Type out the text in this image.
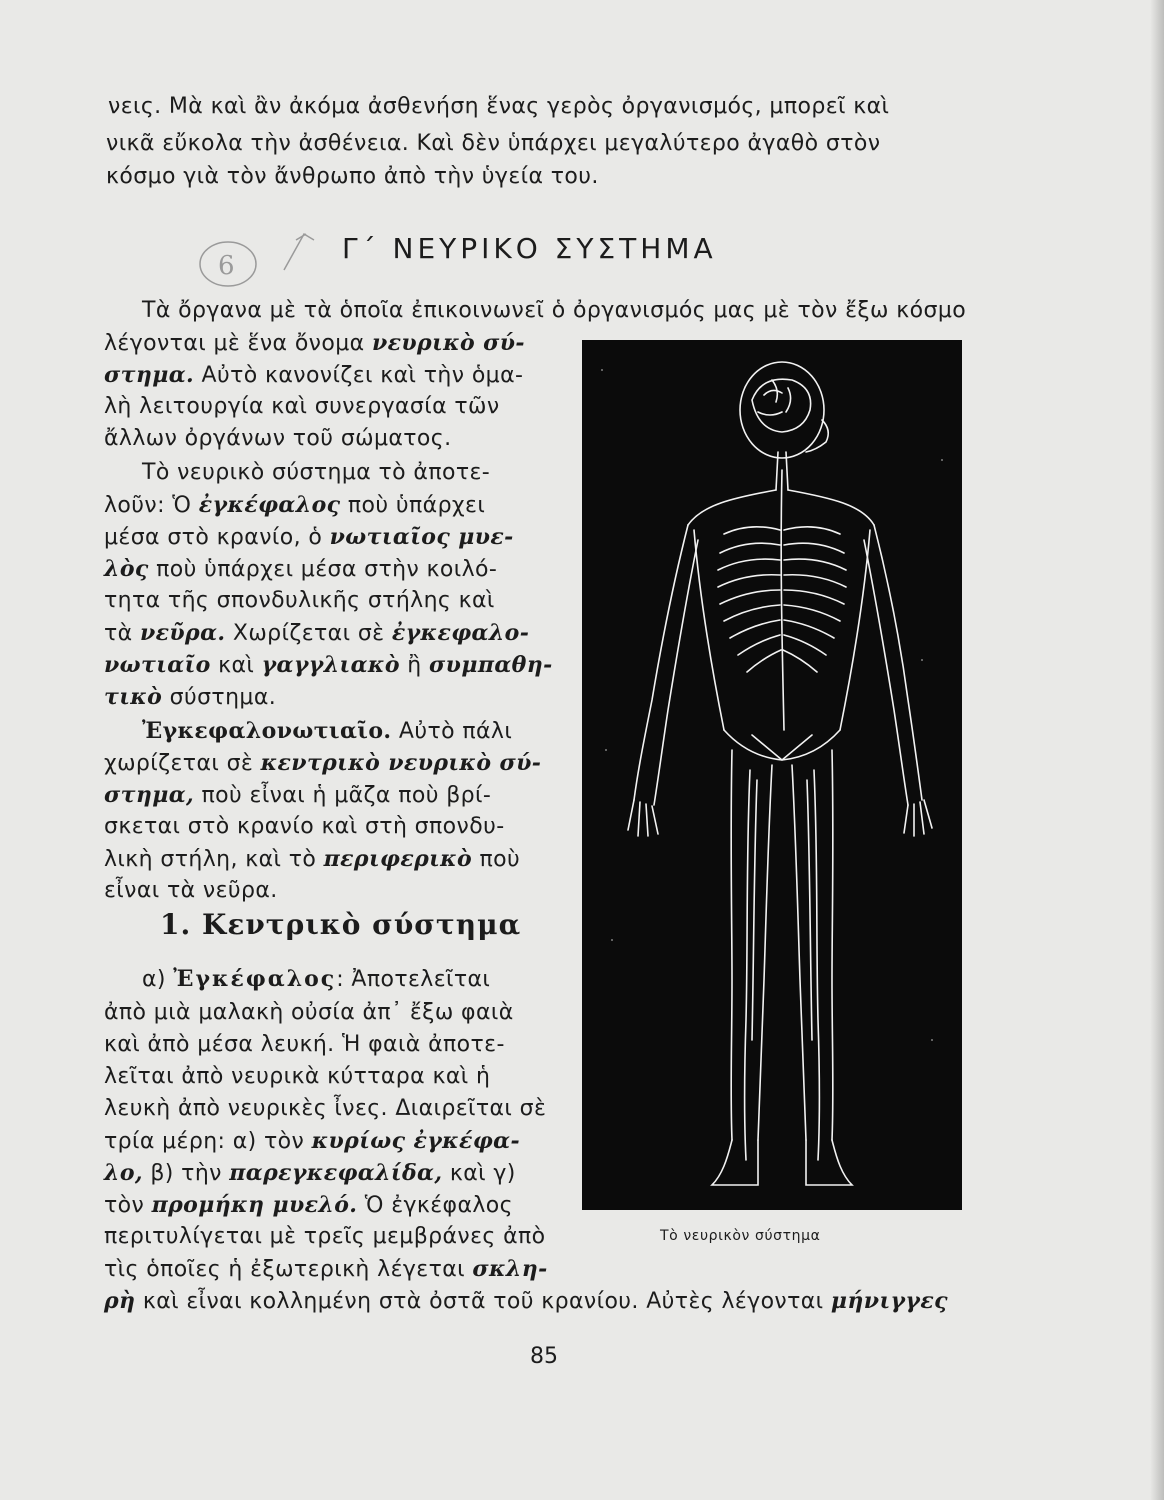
νεις. Μὰ καὶ ἂν ἀκόμα ἀσθενήση ἕνας γερὸς ὀργανισμός, μπορεῖ καὶ
νικᾶ εὔκολα τὴν ἀσθένεια. Καὶ δὲν ὑπάρχει μεγαλύτερο ἀγαθὸ στὸν
κόσμο γιὰ τὸν ἄνθρωπο ἀπὸ τὴν ὑγεία του.
6
Γ΄ ΝΕΥΡΙΚΟ ΣΥΣΤΗΜΑ
Τὰ ὄργανα μὲ τὰ ὁποῖα ἐπικοινωνεῖ ὁ ὀργανισμός μας μὲ τὸν ἔξω κόσμο
λέγονται μὲ ἕνα ὄνομα νευρικὸ σύ-
στημα. Αὐτὸ κανονίζει καὶ τὴν ὁμα-
λὴ λειτουργία καὶ συνεργασία τῶν
ἄλλων ὀργάνων τοῦ σώματος.
Τὸ νευρικὸ σύστημα τὸ ἀποτε-
λοῦν: Ὁ ἐγκέφαλος ποὺ ὑπάρχει
μέσα στὸ κρανίο, ὁ νωτιαῖος μυε-
λὸς ποὺ ὑπάρχει μέσα στὴν κοιλό-
τητα τῆς σπονδυλικῆς στήλης καὶ
τὰ νεῦρα. Χωρίζεται σὲ ἐγκεφαλο-
νωτιαῖο καὶ γαγγλιακὸ ἢ συμπαθη-
τικὸ σύστημα.
Ἐγκεφαλονωτιαῖο. Αὐτὸ πάλι
χωρίζεται σὲ κεντρικὸ νευρικὸ σύ-
στημα, ποὺ εἶναι ἡ μᾶζα ποὺ βρί-
σκεται στὸ κρανίο καὶ στὴ σπονδυ-
λικὴ στήλη, καὶ τὸ περιφερικὸ ποὺ
εἶναι τὰ νεῦρα.
1. Κεντρικὸ σύστημα
α) Ἐγκέφαλος: Ἀποτελεῖται
ἀπὸ μιὰ μαλακὴ οὐσία ἀπ᾿ ἔξω φαιὰ
καὶ ἀπὸ μέσα λευκή. Ἡ φαιὰ ἀποτε-
λεῖται ἀπὸ νευρικὰ κύτταρα καὶ ἡ
λευκὴ ἀπὸ νευρικὲς ἶνες. Διαιρεῖται σὲ
τρία μέρη: α) τὸν κυρίως ἐγκέφα-
λο, β) τὴν παρεγκεφαλίδα, καὶ γ)
τὸν προμήκη μυελό. Ὁ ἐγκέφαλος
περιτυλίγεται μὲ τρεῖς μεμβράνες ἀπὸ
τὶς ὁποῖες ἡ ἐξωτερικὴ λέγεται σκλη-
ρὴ καὶ εἶναι κολλημένη στὰ ὀστᾶ τοῦ κρανίου. Αὐτὲς λέγονται μήνιγγες
Τὸ νευρικὸν σύστημα
85
